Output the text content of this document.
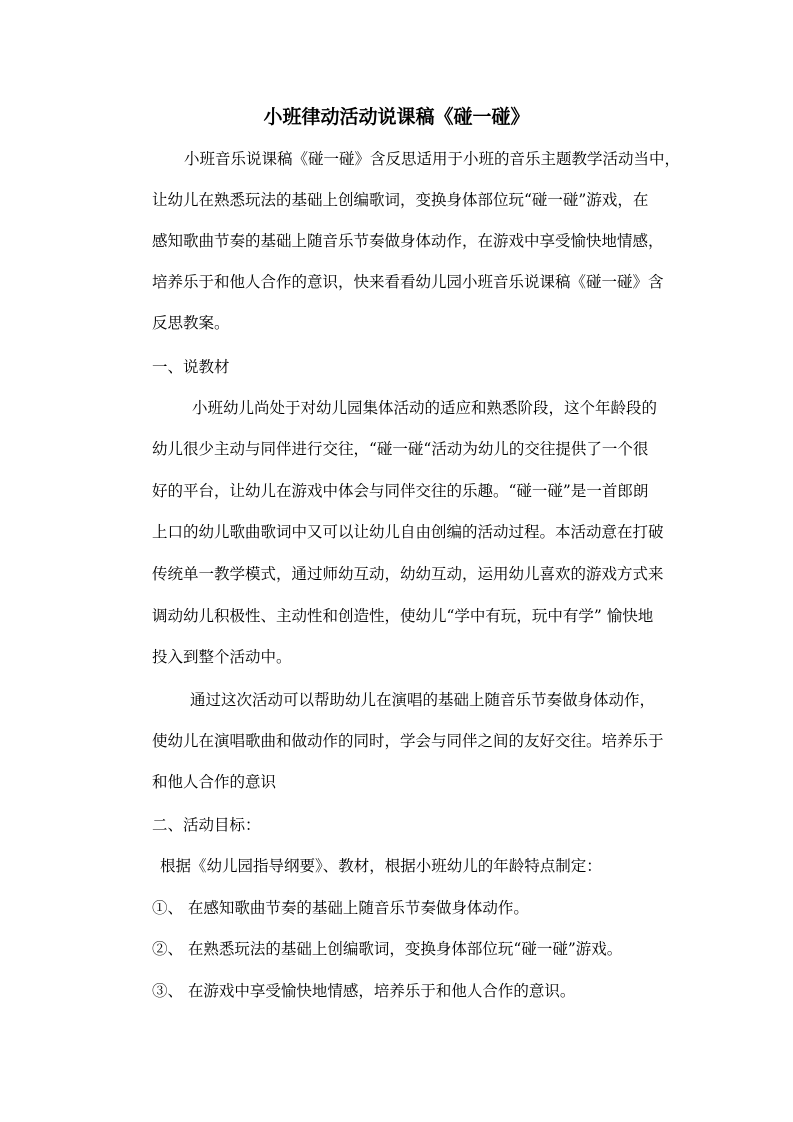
小班律动活动说课稿《碰一碰》
小班音乐说课稿《碰一碰》含反思适用于小班的音乐主题教学活动当中，
让幼儿在熟悉玩法的基础上创编歌词，变换身体部位玩“碰一碰”游戏，在
感知歌曲节奏的基础上随音乐节奏做身体动作，在游戏中享受愉快地情感，
培养乐于和他人合作的意识，快来看看幼儿园小班音乐说课稿《碰一碰》含
反思教案。
一、说教材
小班幼儿尚处于对幼儿园集体活动的适应和熟悉阶段，这个年龄段的
幼儿很少主动与同伴进行交往，“碰一碰“活动为幼儿的交往提供了一个很
好的平台，让幼儿在游戏中体会与同伴交往的乐趣。“碰一碰”是一首郎朗
上口的幼儿歌曲歌词中又可以让幼儿自由创编的活动过程。本活动意在打破
传统单一教学模式，通过师幼互动，幼幼互动，运用幼儿喜欢的游戏方式来
调动幼儿积极性、主动性和创造性，使幼儿“学中有玩，玩中有学” 愉快地
投入到整个活动中。
通过这次活动可以帮助幼儿在演唱的基础上随音乐节奏做身体动作，
使幼儿在演唱歌曲和做动作的同时，学会与同伴之间的友好交往。培养乐于
和他人合作的意识
二、活动目标：
根据《幼儿园指导纲要》、教材，根据小班幼儿的年龄特点制定：
①、 在感知歌曲节奏的基础上随音乐节奏做身体动作。
②、 在熟悉玩法的基础上创编歌词，变换身体部位玩“碰一碰”游戏。
③、 在游戏中享受愉快地情感，培养乐于和他人合作的意识。
